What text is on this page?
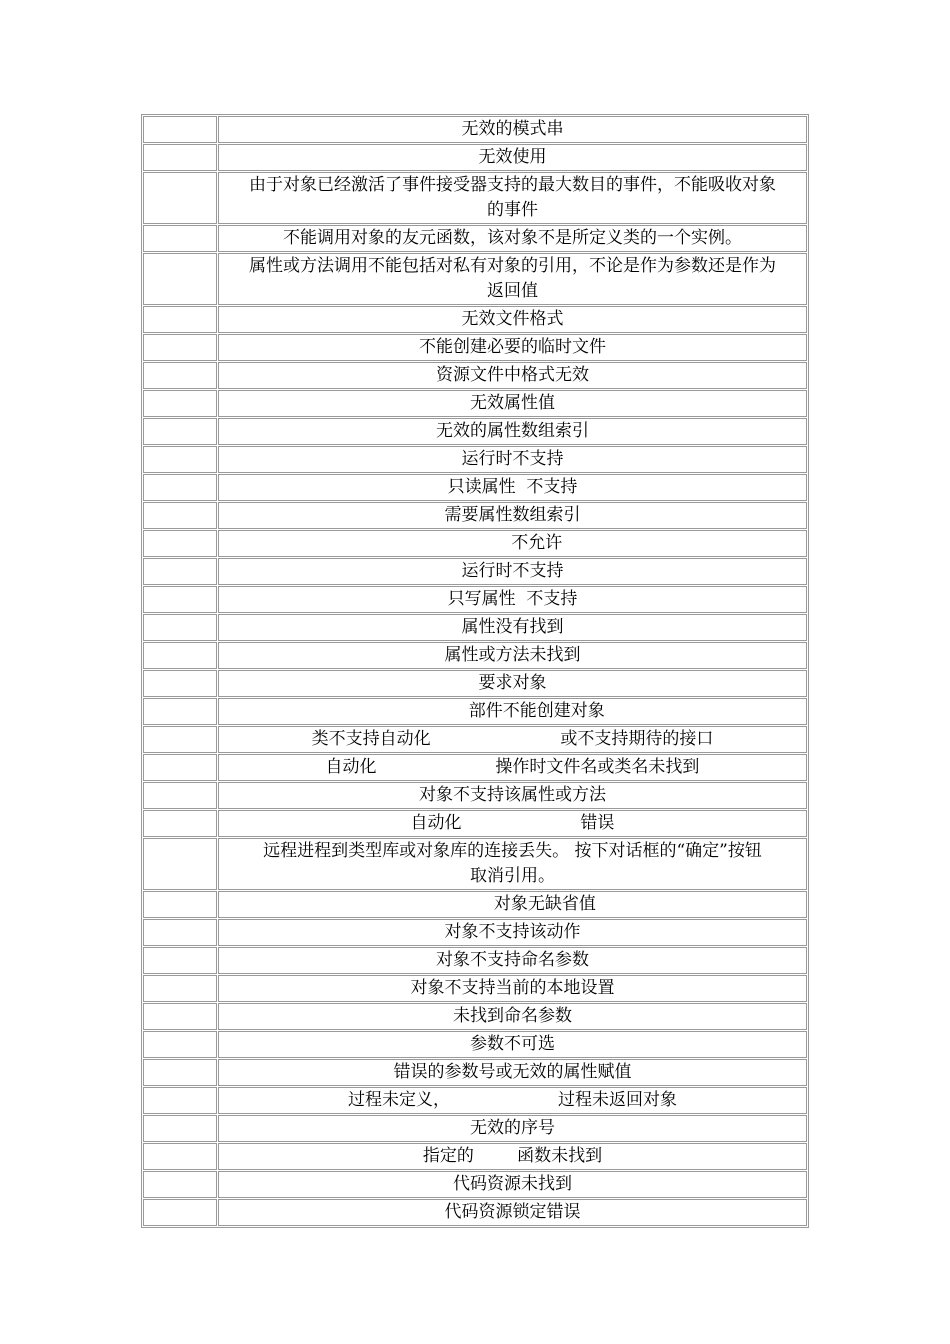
	无效的模式串
	无效使用

	由于对象已经激活了事件接受器支持的最大数目的事件，不能吸收对象
的事件

	不能调用对象的友元函数，该对象不是所定义类的一个实例。

	属性或方法调用不能包括对私有对象的引用，不论是作为参数还是作为
返回值

	无效文件格式
	不能创建必要的临时文件
	资源文件中格式无效
	无效属性值
	无效的属性数组索引
	运行时不支持
	只读属性  不支持
	需要属性数组索引
	不允许
	运行时不支持
	只写属性  不支持
	属性没有找到
	属性或方法未找到
	要求对象
	部件不能创建对象
	类不支持自动化                        或不支持期待的接口
	自动化                      操作时文件名或类名未找到
	对象不支持该属性或方法
	自动化                      错误

	远程进程到类型库或对象库的连接丢失。 按下对话框的“确定”按钮
取消引用。

	对象无缺省值
	对象不支持该动作
	对象不支持命名参数
	对象不支持当前的本地设置
	未找到命名参数
	参数不可选
	错误的参数号或无效的属性赋值
	过程未定义，                    过程未返回对象
	无效的序号
	指定的        函数未找到
	代码资源未找到
	代码资源锁定错误
